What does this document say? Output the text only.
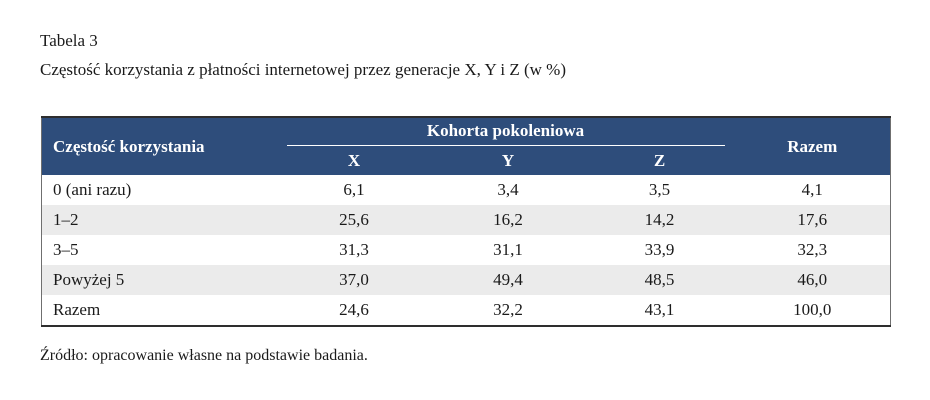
Tabela 3
Częstość korzystania z płatności internetowej przez generacje X, Y i Z (w %)
Częstość korzystania	Kohorta pokoleniowa			Razem
	X	Y	Z	
0 (ani razu)	6,1	3,4	3,5	4,1
1–2	25,6	16,2	14,2	17,6
3–5	31,3	31,1	33,9	32,3
Powyżej 5	37,0	49,4	48,5	46,0
Razem	24,6	32,2	43,1	100,0
Źródło: opracowanie własne na podstawie badania.
